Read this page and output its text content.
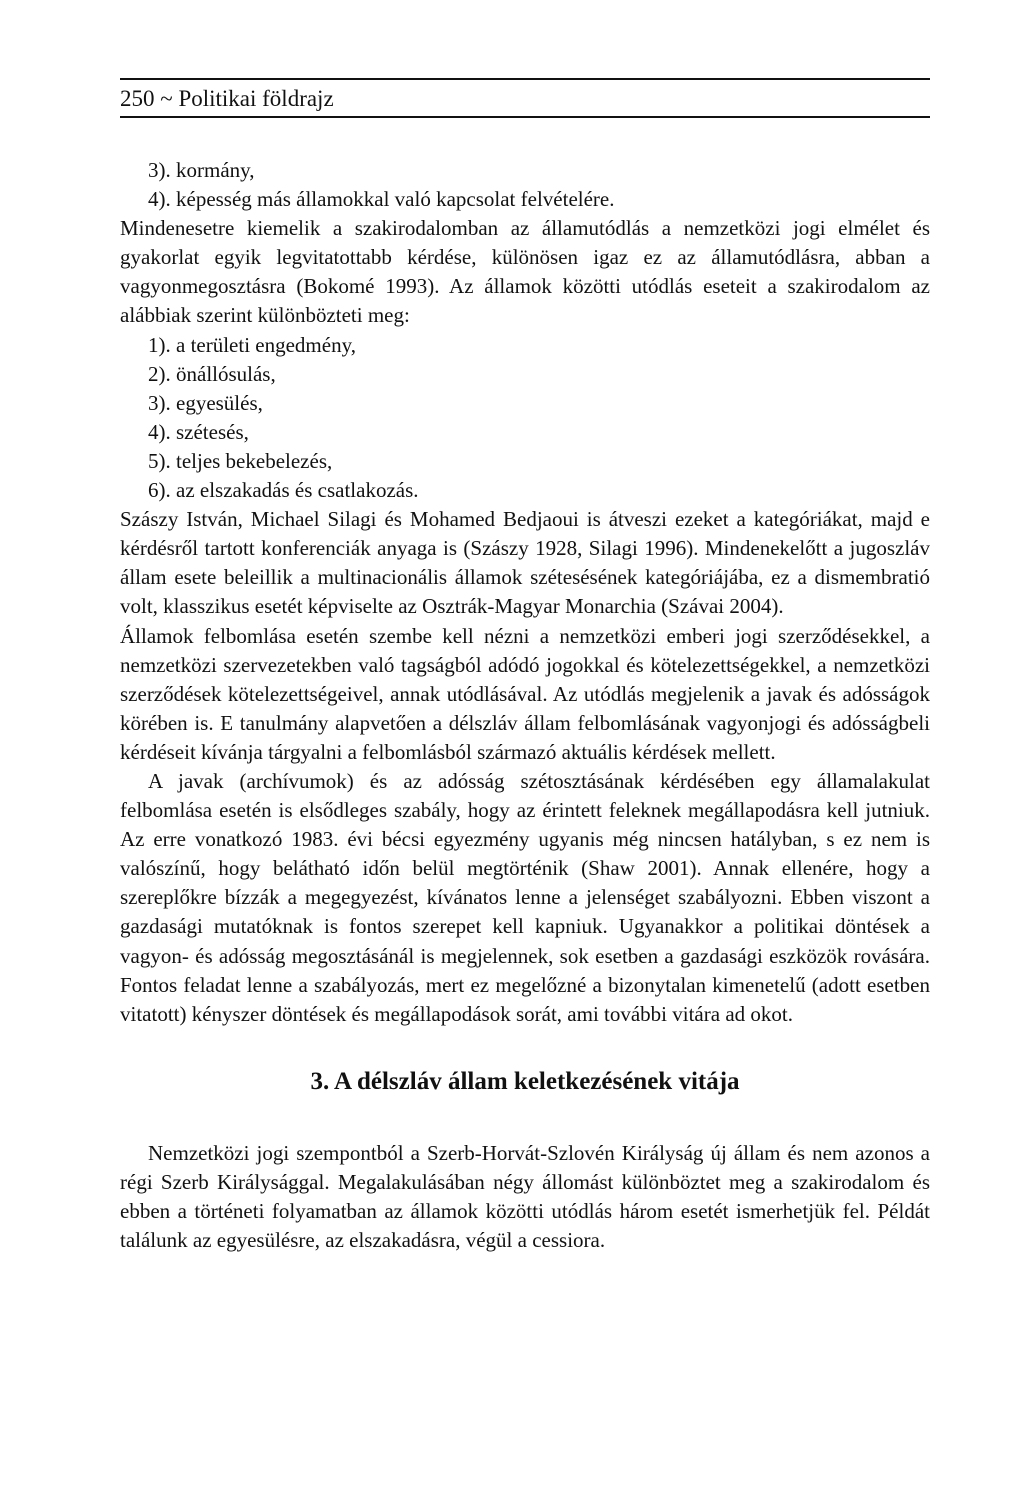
250 ~ Politikai földrajz
3). kormány,
4). képesség más államokkal való kapcsolat felvételére.
Mindenesetre kiemelik a szakirodalomban az államutódlás a nemzetközi jogi elmélet és gyakorlat egyik legvitatottabb kérdése, különösen igaz ez az államutódlásra, abban a vagyonmegosztásra (Bokomé 1993). Az államok közötti utódlás eseteit a szakirodalom az alábbiak szerint különbözteti meg:
1). a területi engedmény,
2). önállósulás,
3). egyesülés,
4). szétesés,
5). teljes bekebelezés,
6). az elszakadás és csatlakozás.
Szászy István, Michael Silagi és Mohamed Bedjaoui is átveszi ezeket a kategóriákat, majd e kérdésről tartott konferenciák anyaga is (Szászy 1928, Silagi 1996). Mindenekelőtt a jugoszláv állam esete beleillik a multinacionális államok szétesésének kategóriájába, ez a dismembratió volt, klasszikus esetét képviselte az Osztrák-Magyar Monarchia (Szávai 2004).
Államok felbomlása esetén szembe kell nézni a nemzetközi emberi jogi szerződésekkel, a nemzetközi szervezetekben való tagságból adódó jogokkal és kötelezettségekkel, a nemzetközi szerződések kötelezettségeivel, annak utódlásával. Az utódlás megjelenik a javak és adósságok körében is. E tanulmány alapvetően a délszláv állam felbomlásának vagyonjogi és adósságbeli kérdéseit kívánja tárgyalni a felbomlásból származó aktuális kérdések mellett.
A javak (archívumok) és az adósság szétosztásának kérdésében egy államalakulat felbomlása esetén is elsődleges szabály, hogy az érintett feleknek megállapodásra kell jutniuk. Az erre vonatkozó 1983. évi bécsi egyezmény ugyanis még nincsen hatályban, s ez nem is valószínű, hogy belátható időn belül megtörténik (Shaw 2001). Annak ellenére, hogy a szereplőkre bízzák a megegyezést, kívánatos lenne a jelenséget szabályozni. Ebben viszont a gazdasági mutatóknak is fontos szerepet kell kapniuk. Ugyanakkor a politikai döntések a vagyon- és adósság megosztásánál is megjelennek, sok esetben a gazdasági eszközök rovására. Fontos feladat lenne a szabályozás, mert ez megelőzné a bizonytalan kimenetelű (adott esetben vitatott) kényszer döntések és megállapodások sorát, ami további vitára ad okot.
3. A délszláv állam keletkezésének vitája
Nemzetközi jogi szempontból a Szerb-Horvát-Szlovén Királyság új állam és nem azonos a régi Szerb Királysággal. Megalakulásában négy állomást különböztet meg a szakirodalom és ebben a történeti folyamatban az államok közötti utódlás három esetét ismerhetjük fel. Példát találunk az egyesülésre, az elszakadásra, végül a cessiora.
